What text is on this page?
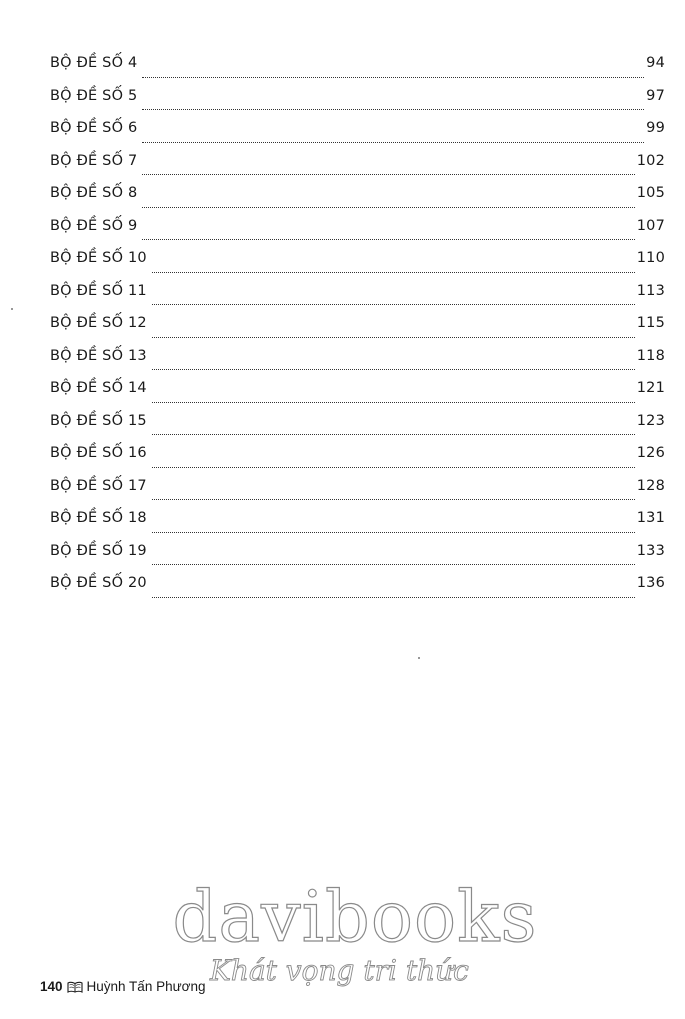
BỘ ĐỀ SỐ 4	94
BỘ ĐỀ SỐ 5	97
BỘ ĐỀ SỐ 6	99
BỘ ĐỀ SỐ 7	102
BỘ ĐỀ SỐ 8	105
BỘ ĐỀ SỐ 9	107
BỘ ĐỀ SỐ 10	110
BỘ ĐỀ SỐ 11	113
BỘ ĐỀ SỐ 12	115
BỘ ĐỀ SỐ 13	118
BỘ ĐỀ SỐ 14	121
BỘ ĐỀ SỐ 15	123
BỘ ĐỀ SỐ 16	126
BỘ ĐỀ SỐ 17	128
BỘ ĐỀ SỐ 18	131
BỘ ĐỀ SỐ 19	133
BỘ ĐỀ SỐ 20	136
davibooks
Khát vọng tri thức
140 Huỳnh Tấn Phương
